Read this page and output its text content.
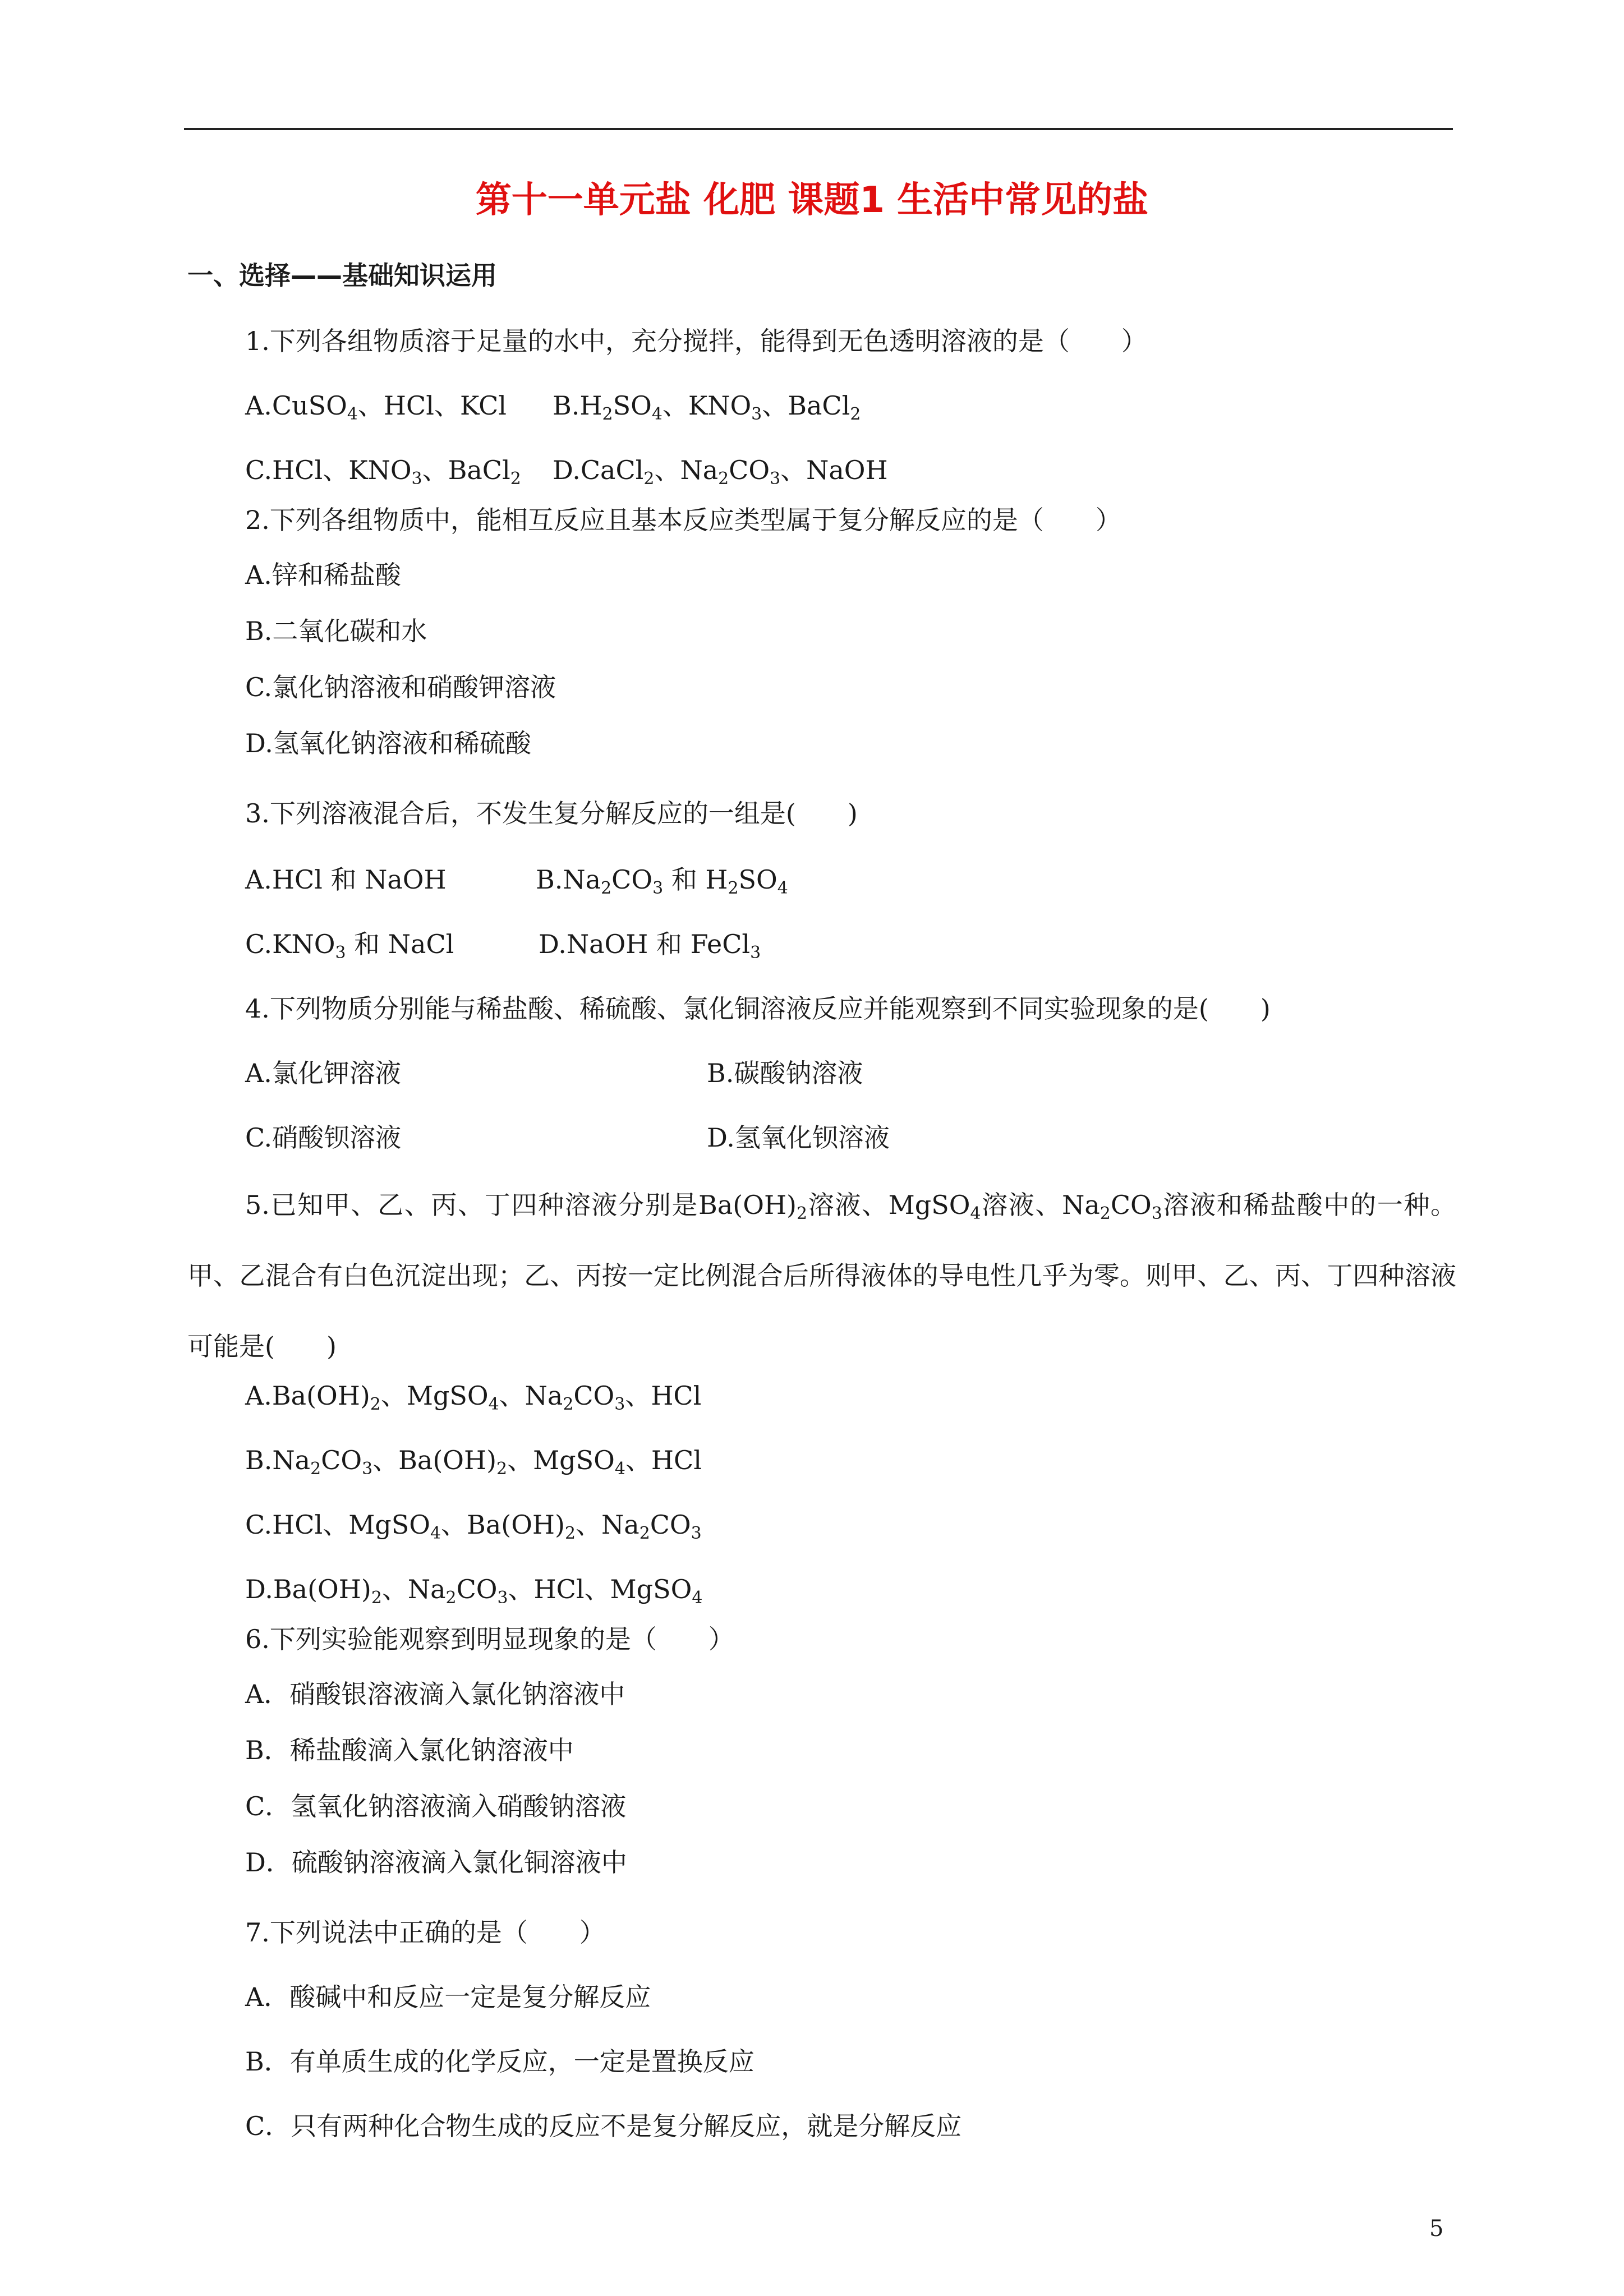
第十一单元盐 化肥 课题1 生活中常见的盐
一、选择——基础知识运用
1.下列各组物质溶于足量的水中，充分搅拌，能得到无色透明溶液的是（　　）
A.CuSO$_4$、HCl、KCl $B.H_2SO_4$、$KNO_3$、BaCl$_2$
C.HCl、$KNO_3$、BaCl$_2$ D.CaCl$_2$、$Na_2CO_3$、NaOH
2.下列各组物质中，能相互反应且基本反应类型属于复分解反应的是（　　）
A.锌和稀盐酸
B.二氧化碳和水
C.氯化钠溶液和硝酸钾溶液
D.氢氧化钠溶液和稀硫酸
3.下列溶液混合后，不发生复分解反应的一组是(　　)
A.HCl 和 NaOH	$B.Na_2CO_3$ 和 $H_2SO_4$
$C.KNO_3$ 和 NaCl	D.NaOH 和 FeCl$_3$
4.下列物质分别能与稀盐酸、稀硫酸、氯化铜溶液反应并能观察到不同实验现象的是(　　)
A.氯化钾溶液	B.碳酸钠溶液
C.硝酸钡溶液	D.氢氧化钡溶液
5.已知甲、乙、丙、丁四种溶液分别是$Ba(OH)_2$溶液、MgSO$_4$溶液、$Na_2CO_3$溶液和稀盐酸中的一种。甲、乙混合有白色沉淀出现；乙、丙按一定比例混合后所得液体的导电性几乎为零。则甲、乙、丙、丁四种溶液可能是(　　)
$A.Ba(OH)_2$、MgSO$_4$、$Na_2CO_3$、HCl
$B.Na_2CO_3$、$Ba(OH)_2$、MgSO$_4$、HCl
C.HCl、MgSO$_4$、$Ba(OH)_2$、$Na_2CO_3$
$D.Ba(OH)_2$、$Na_2CO_3$、HCl、MgSO$_4$
6.下列实验能观察到明显现象的是（　　）
A．硝酸银溶液滴入氯化钠溶液中
B．稀盐酸滴入氯化钠溶液中
C．氢氧化钠溶液滴入硝酸钠溶液
D．硫酸钠溶液滴入氯化铜溶液中
7.下列说法中正确的是（　　）
A．酸碱中和反应一定是复分解反应
B．有单质生成的化学反应，一定是置换反应
C．只有两种化合物生成的反应不是复分解反应，就是分解反应
5
